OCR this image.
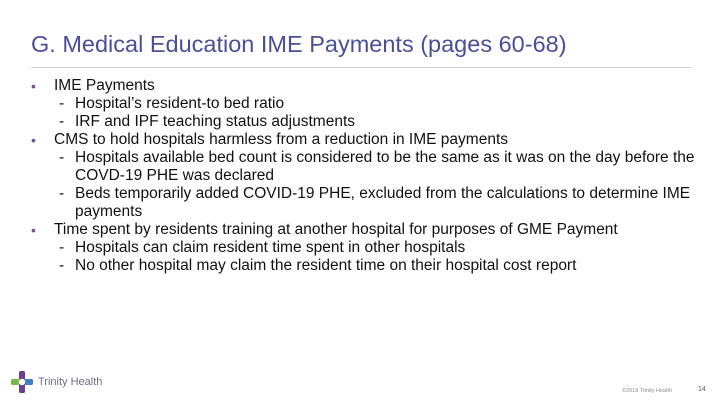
G. Medical Education IME Payments (pages 60-68)

• IME Payments

- Hospital’s resident-to bed ratio

- IRF and IPF teaching status adjustments

• CMS to hold hospitals harmless from a reduction in IME payments

- Hospitals available bed count is considered to be the same as it was on the day before the COVD-19 PHE was declared

- Beds temporarily added COVID-19 PHE, excluded from the calculations to determine IME payments

• Time spent by residents training at another hospital for purposes of GME Payment

- Hospitals can claim resident time spent in other hospitals

- No other hospital may claim the resident time on their hospital cost report

Trinity Health
©2018 Trinity Health	14
